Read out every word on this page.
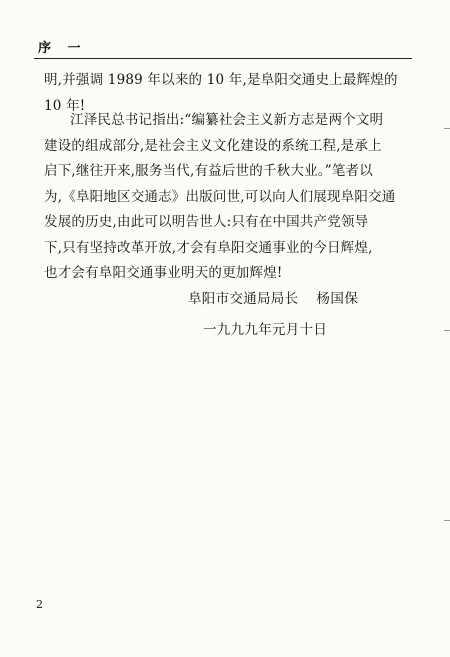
序 一
明,并强调 1989 年以来的 10 年,是阜阳交通史上最辉煌的
10 年!
江泽民总书记指出:“编纂社会主义新方志是两个文明
建设的组成部分,是社会主义文化建设的系统工程,是承上
启下,继往开来,服务当代,有益后世的千秋大业。”笔者以
为,《阜阳地区交通志》出版问世,可以向人们展现阜阳交通
发展的历史,由此可以明告世人:只有在中国共产党领导
下,只有坚持改革开放,才会有阜阳交通事业的今日辉煌,
也才会有阜阳交通事业明天的更加辉煌!
阜阳市交通局局长 杨国保
一九九九年元月十日
2
